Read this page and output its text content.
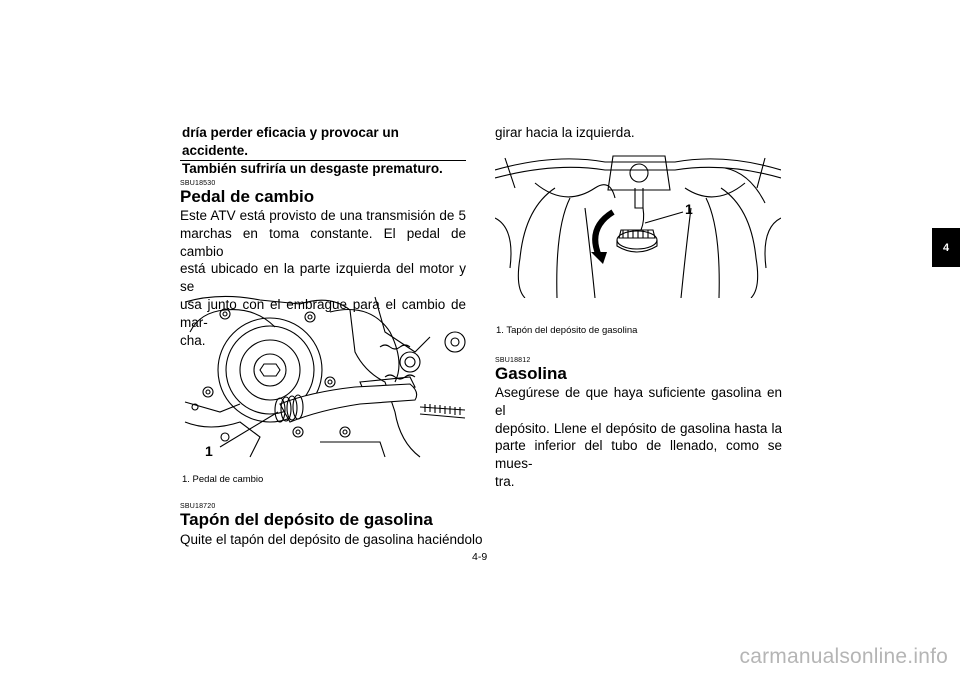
dría perder eficacia y provocar un accidente.
También sufriría un desgaste prematuro.
SBU18530
Pedal de cambio
Este ATV está provisto de una transmisión de 5
marchas en toma constante. El pedal de cambio
está ubicado en la parte izquierda del motor y se
usa junto con el embrague para el cambio de mar-
cha.
1
1. Pedal de cambio
SBU18720
Tapón del depósito de gasolina
Quite el tapón del depósito de gasolina haciéndolo
4-9
girar hacia la izquierda.
1
1. Tapón del depósito de gasolina
SBU18812
Gasolina
Asegúrese de que haya suficiente gasolina en el
depósito. Llene el depósito de gasolina hasta la
parte inferior del tubo de llenado, como se mues-
tra.
4
carmanualsonline.info
